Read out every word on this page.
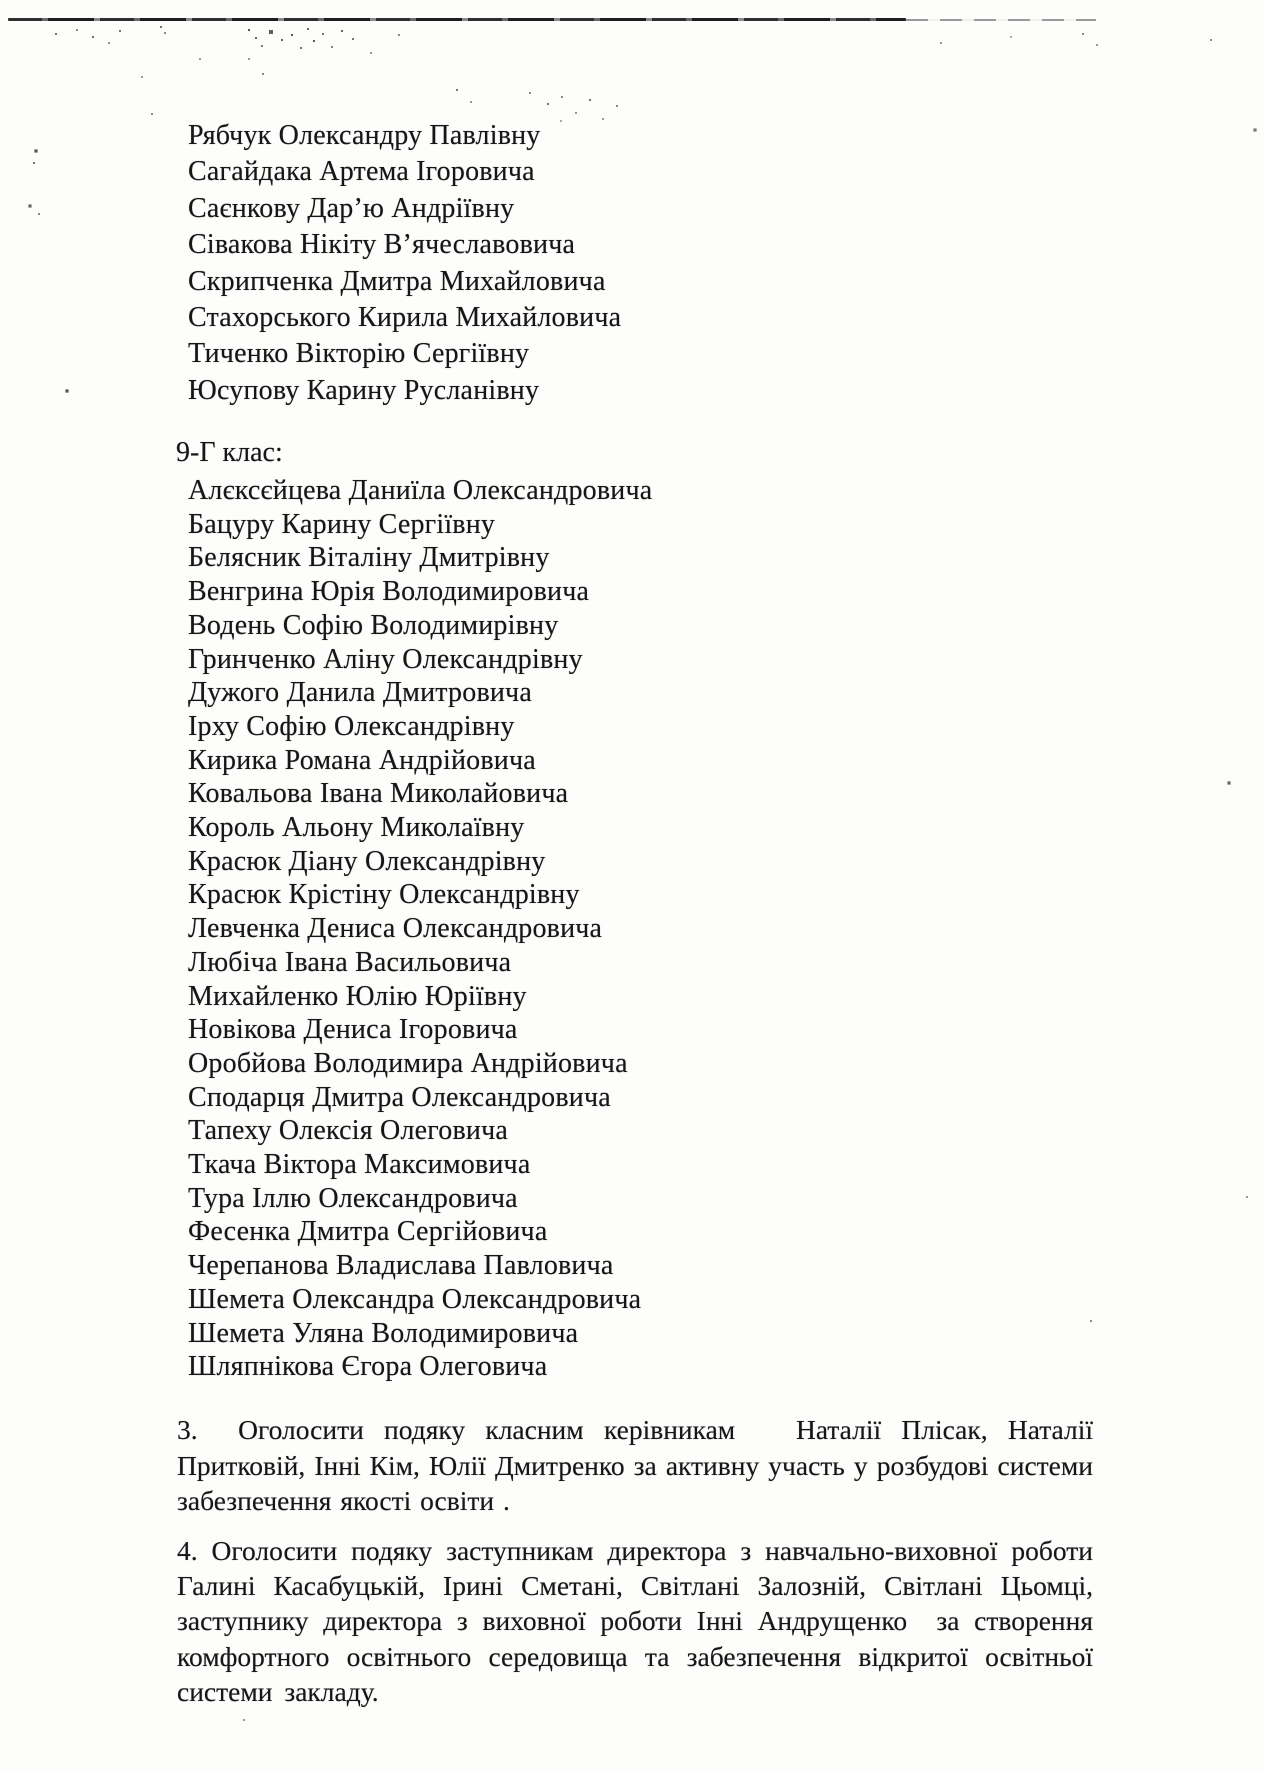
Рябчук Олександру Павлівну
Сагайдака Артема Ігоровича
Саєнкову Дар’ю Андріївну
Сівакова Нікіту В’ячеславовича
Скрипченка Дмитра Михайловича
Стахорського Кирила Михайловича
Тиченко Вікторію Сергіївну
Юсупову Карину Русланівну
9-Г клас:
Алєксєйцева Даниїла Олександровича
Бацуру Карину Сергіївну
Белясник Віталіну Дмитрівну
Венгрина Юрія Володимировича
Водень Софію Володимирівну
Гринченко Аліну Олександрівну
Дужого Данила Дмитровича
Ірху Софію Олександрівну
Кирика Романа Андрійовича
Ковальова Івана Миколайовича
Король Альону Миколаївну
Красюк Діану Олександрівну
Красюк Крістіну Олександрівну
Левченка Дениса Олександровича
Любіча Івана Васильовича
Михайленко Юлію Юріївну
Новікова Дениса Ігоровича
Оробйова Володимира Андрійовича
Сподарця Дмитра Олександровича
Тапеху Олексія Олеговича
Ткача Віктора Максимовича
Тура Іллю Олександровича
Фесенка Дмитра Сергійовича
Черепанова Владислава Павловича
Шемета Олександра Олександровича
Шемета Уляна Володимировича
Шляпнікова Єгора Олеговича

3.  Оголосити подяку класним керівникам   Наталії Плісак, Наталії Притковій, Інні Кім, Юлії Дмитренко за активну участь у розбудові системи забезпечення якості освіти .

4. Оголосити подяку заступникам директора з навчально-виховної роботи Галині Касабуцькій, Ірині Сметані, Світлані Залозній, Світлані Цьомці, заступнику директора з виховної роботи Інні Андрущенко  за створення комфортного освітнього середовища та забезпечення відкритої освітньої системи закладу.
